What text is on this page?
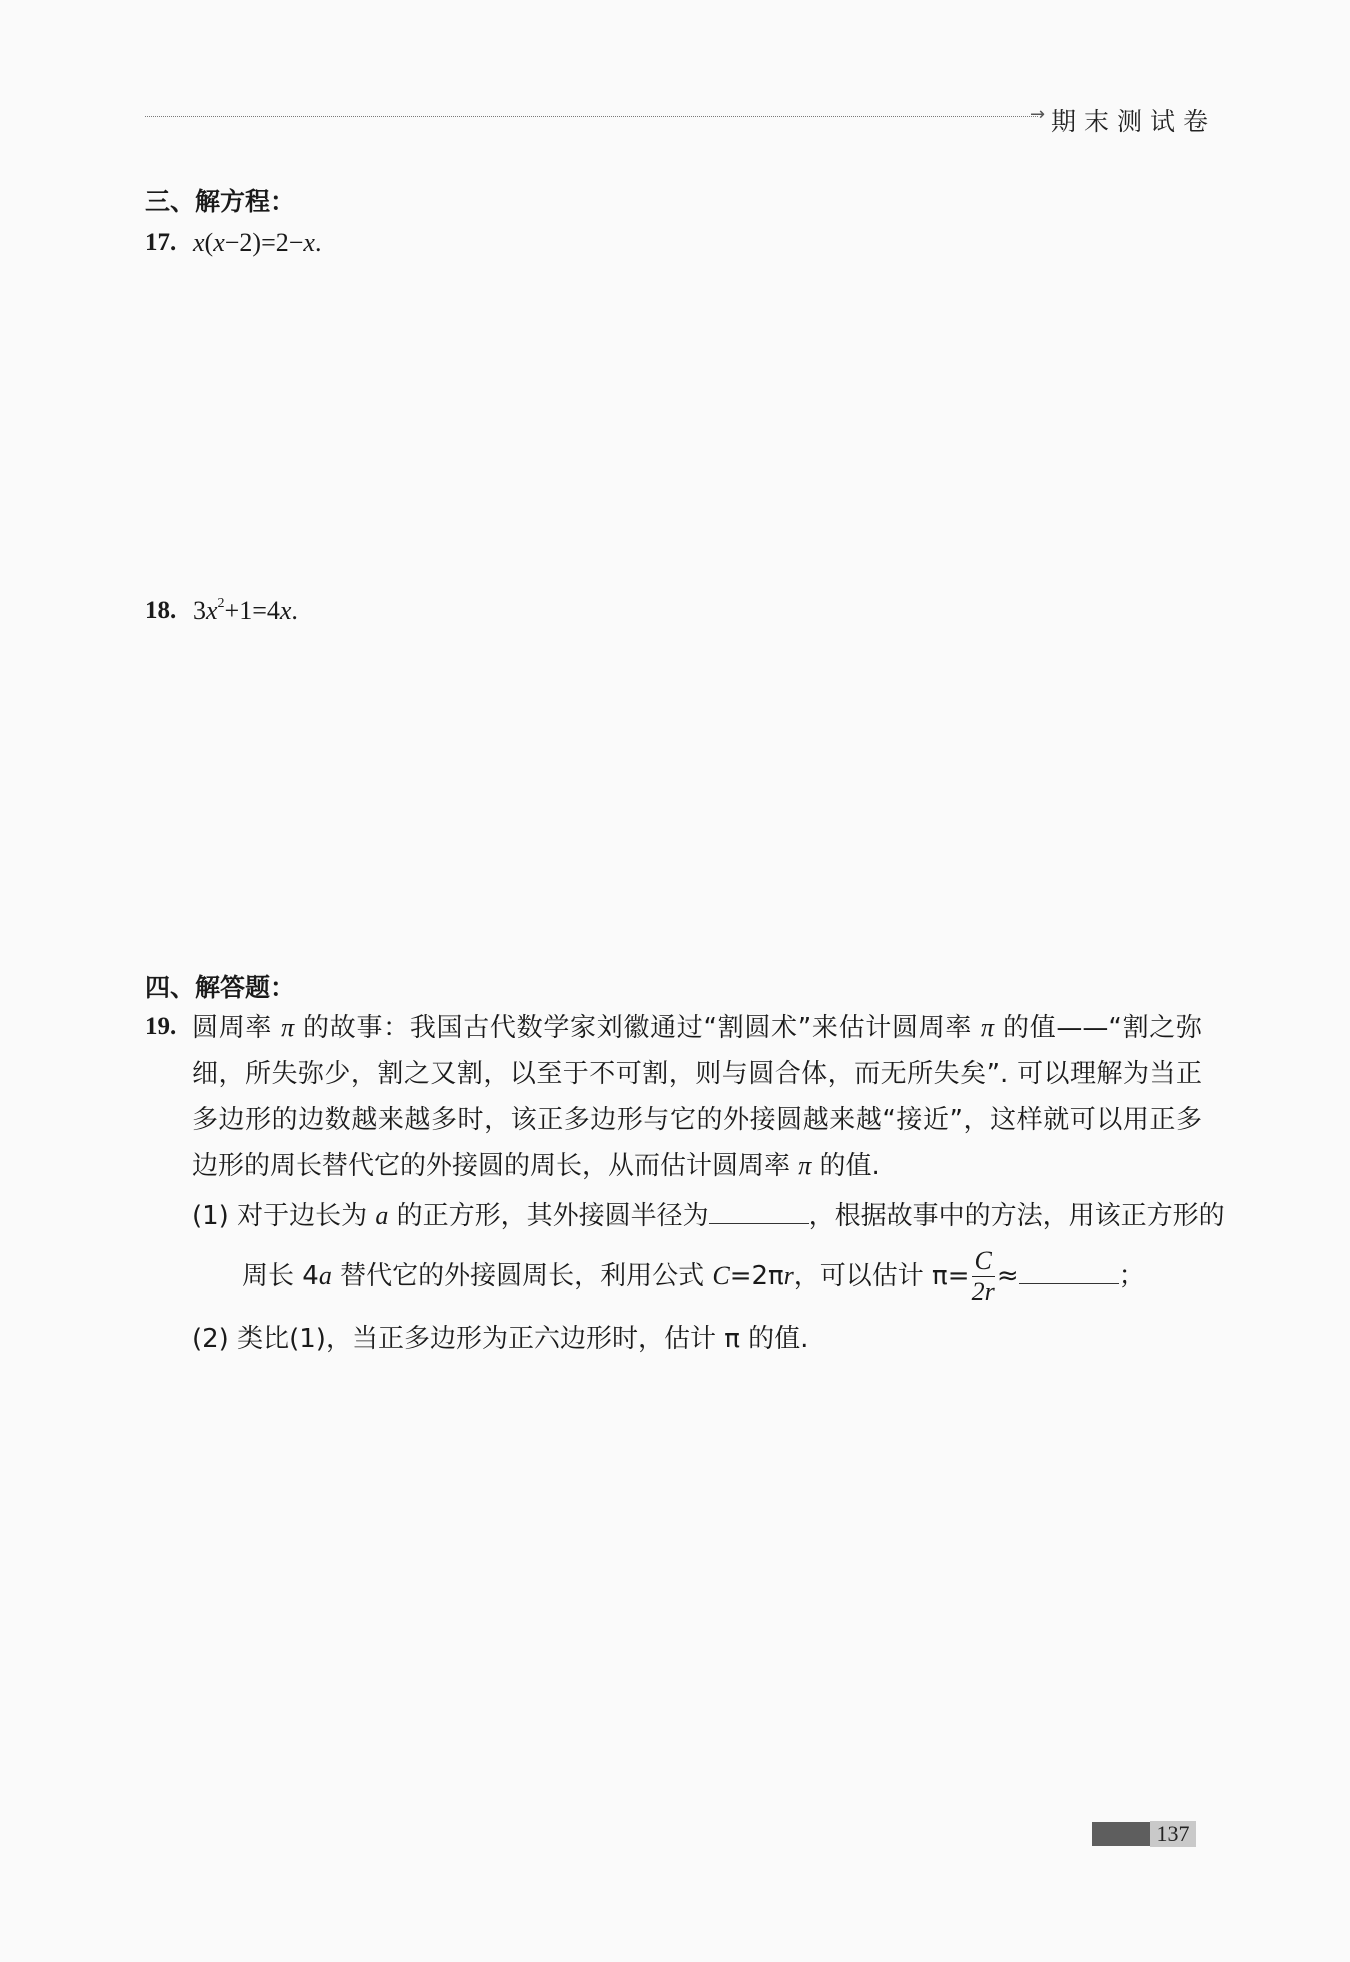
→ 期末测试卷
三、解方程：
17. x(x−2)=2−x.
18. $3x^2+1=4x$.
四、解答题：
19. 圆周率 π 的故事：我国古代数学家刘徽通过“割圆术”来估计圆周率 π 的值——“割之弥细，所失弥少，割之又割，以至于不可割，则与圆合体，而无所失矣”. 可以理解为当正多边形的边数越来越多时，该正多边形与它的外接圆越来越“接近”，这样就可以用正多边形的周长替代它的外接圆的周长，从而估计圆周率 π 的值.
(1) 对于边长为 a 的正方形，其外接圆半径为	，根据故事中的方法，用该正方形的
周长 4a 替代它的外接圆周长，利用公式 C=2πr，可以估计 $\pi= \frac{C}{2r}$ ≈	；
(2) 类比(1)，当正多边形为正六边形时，估计 π 的值.
137
